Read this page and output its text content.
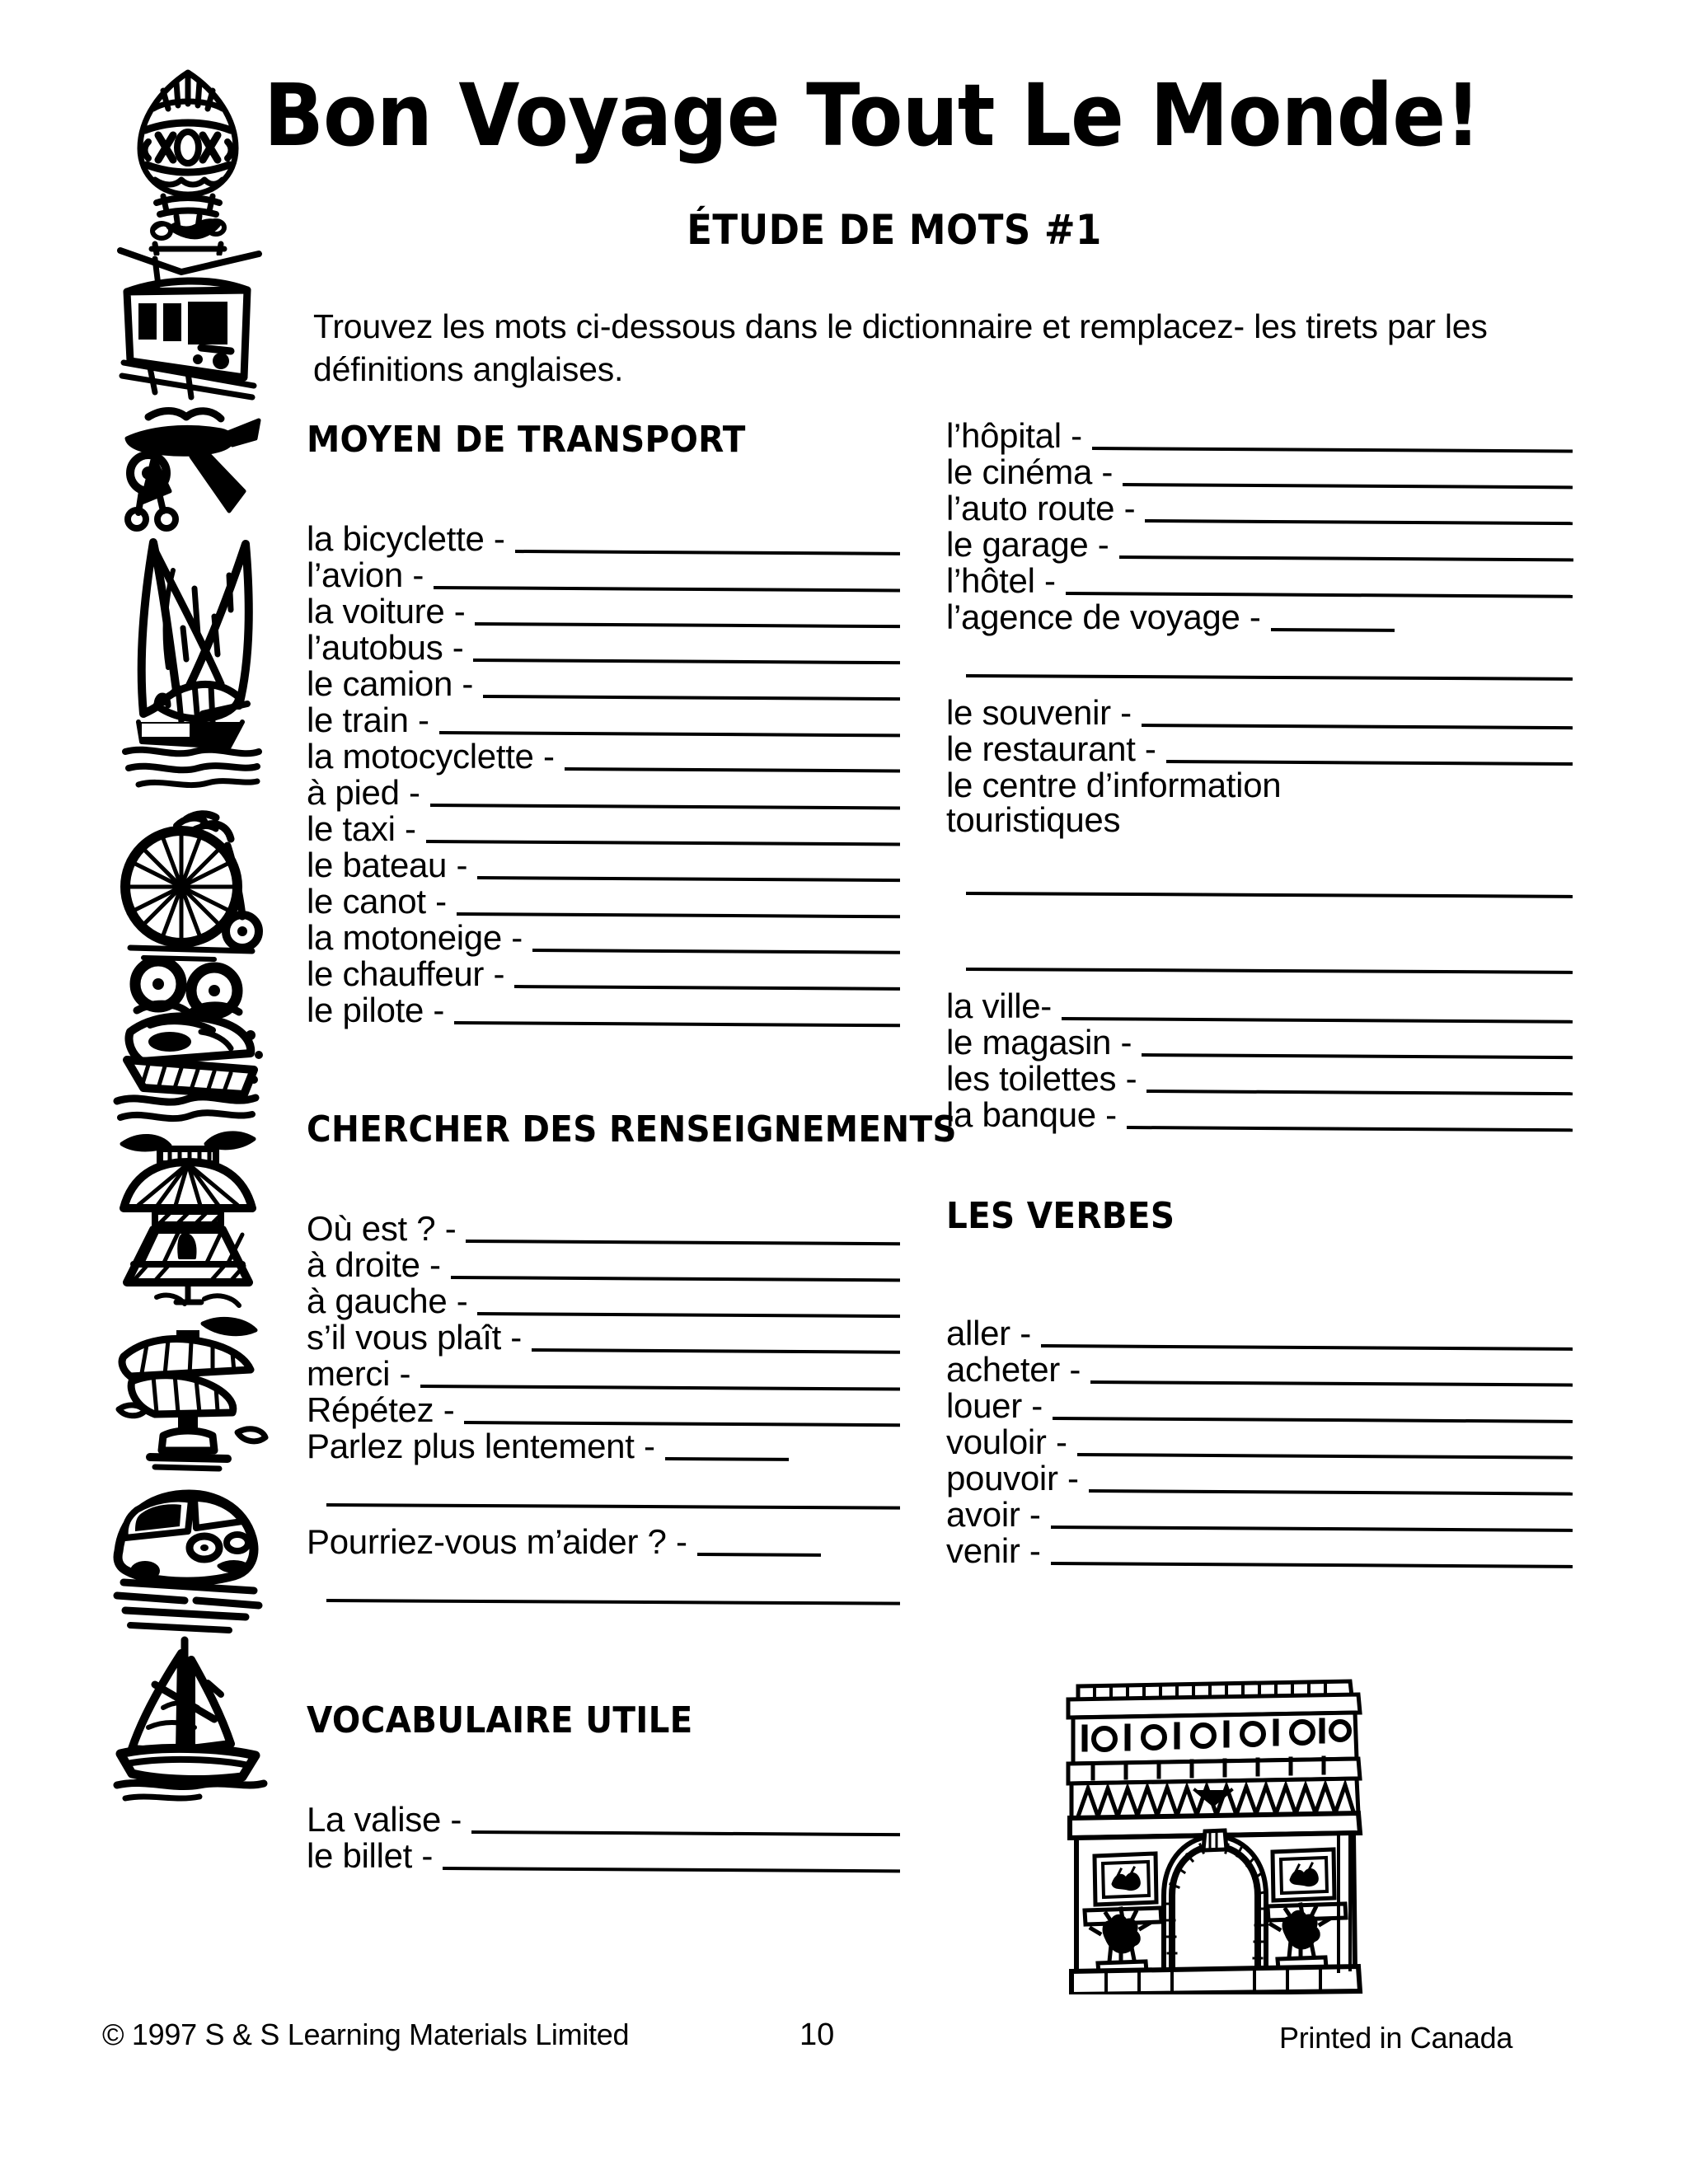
Bon Voyage Tout Le Monde!
ÉTUDE DE MOTS #1
Trouvez les mots ci-dessous dans le dictionnaire et remplacez- les tirets par les définitions anglaises.
MOYEN DE TRANSPORT
la bicyclette -
l’avion -
la voiture -
l’autobus -
le camion -
le train -
la motocyclette -
à pied -
le taxi -
le bateau -
le canot -
la motoneige -
le chauffeur -
le pilote -
CHERCHER DES RENSEIGNEMENTS
Où est ? -
à droite -
à gauche -
s’il vous plaît -
merci -
Répétez -
Parlez plus lentement -
Pourriez-vous m’aider ? -
VOCABULAIRE UTILE
La valise -
le billet -
l’hôpital -
le cinéma -
l’auto route -
le garage -
l’hôtel -
l’agence de voyage -
le souvenir -
le restaurant -
le centre d’information
touristiques
la ville-
le magasin -
les toilettes -
la banque -
LES VERBES
aller -
acheter -
louer -
vouloir -
pouvoir -
avoir -
venir -
© 1997 S & S Learning Materials Limited	10	Printed in Canada
